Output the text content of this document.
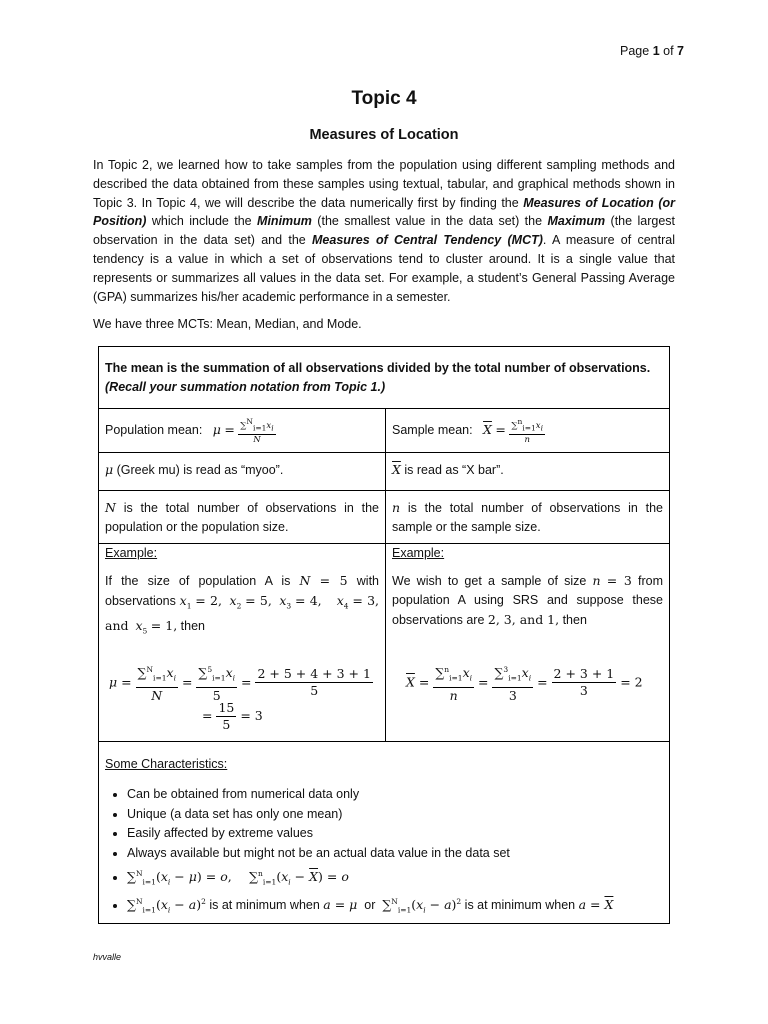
Page 1 of 7
Topic 4
Measures of Location

In Topic 2, we learned how to take samples from the population using different sampling methods and described the data obtained from these samples using textual, tabular, and graphical methods shown in Topic 3. In Topic 4, we will describe the data numerically first by finding the Measures of Location (or Position) which include the Minimum (the smallest value in the data set) the Maximum (the largest observation in the data set) and the Measures of Central Tendency (MCT). A measure of central tendency is a value in which a set of observations tend to cluster around. It is a single value that represents or summarizes all values in the data set. For example, a student’s General Passing Average (GPA) summarizes his/her academic performance in a semester.

We have three MCTs: Mean, Median, and Mode.

The mean is the summation of all observations divided by the total number of observations.
(Recall your summation notation from Topic 1.)
Population mean: $\mu = \frac{\sum^N_{i=1}x_i}{N}$	Sample mean: $\overline{X} = \frac{\sum^n_{i=1}x_i}{n}$
μ (Greek mu) is read as “myoo”.	$\overline{X}$ is read as “X bar”.
N is the total number of observations in the population or the population size.
n is the total number of observations in the sample or the sample size.
Example:
If the size of population A is N = 5 with observations $x_1 = 2$, $x_2 = 5$, $x_3 = 4$, $x_4 = 3$, and $x_5 = 1$, then
$\mu = \frac{\sum^N_{i=1}x_i}{N} = \frac{\sum^5_{i=1}x_i}{5} = \frac{2 + 5 + 4 + 3 + 1}{5}$
= $\frac{15}{5} = 3$
Example:
We wish to get a sample of size n = 3 from population A using SRS and suppose these observations are 2, 3, and 1, then
$\overline{X} = \frac{\sum^n_{i=1}x_i}{n} = \frac{\sum^3_{i=1}x_i}{3} = \frac{2 + 3 + 1}{3} = 2$
Some Characteristics:
• Can be obtained from numerical data only
• Unique (a data set has only one mean)
• Easily affected by extreme values
• Always available but might not be an actual data value in the data set
• $\sum^N_{i=1}(x_i - \mu) = o$, $\sum^n_{i=1}(x_i - \overline{X}) = o$
• $\sum^N_{i=1}(x_i - a)^2$ is at minimum when a = μ  or  $\sum^N_{i=1}(x_i - a)^2$ is at minimum when $a = \overline{X}$
hvvalle
